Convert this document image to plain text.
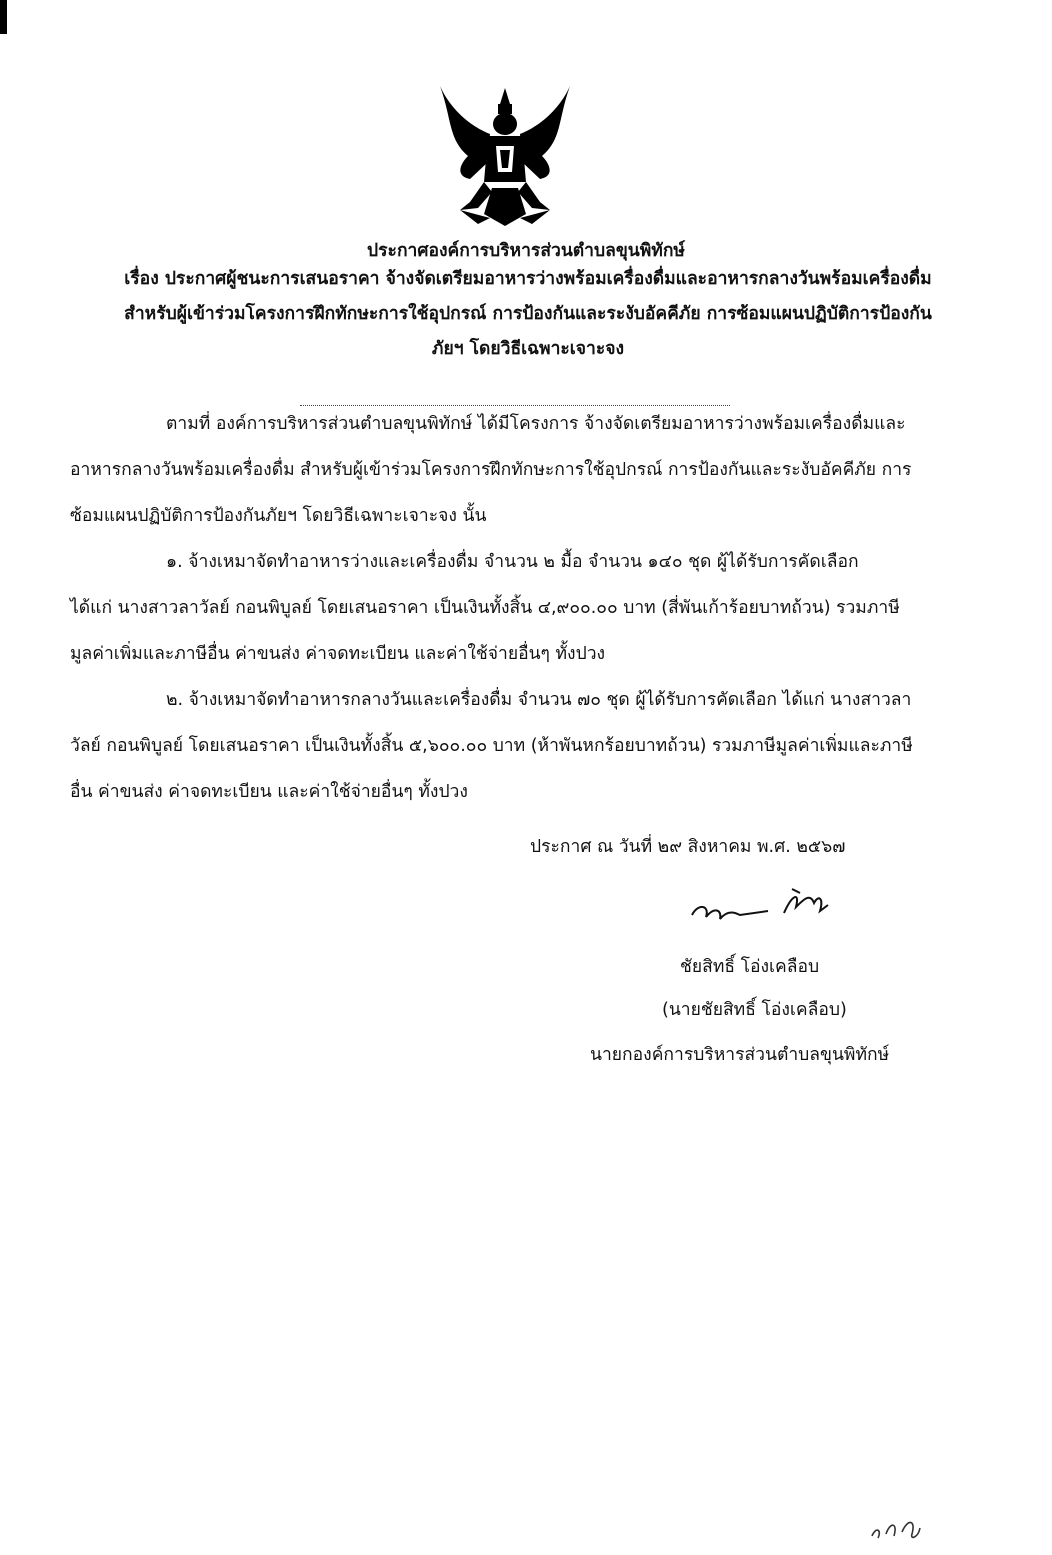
ประกาศองค์การบริหารส่วนตำบลขุนพิทักษ์
เรื่อง ประกาศผู้ชนะการเสนอราคา จ้างจัดเตรียมอาหารว่างพร้อมเครื่องดื่มและอาหารกลางวันพร้อมเครื่องดื่ม
สำหรับผู้เข้าร่วมโครงการฝึกทักษะการใช้อุปกรณ์ การป้องกันและระงับอัคคีภัย การซ้อมแผนปฏิบัติการป้องกัน
ภัยฯ โดยวิธีเฉพาะเจาะจง
ตามที่ องค์การบริหารส่วนตำบลขุนพิทักษ์ ได้มีโครงการ จ้างจัดเตรียมอาหารว่างพร้อมเครื่องดื่มและ
อาหารกลางวันพร้อมเครื่องดื่ม สำหรับผู้เข้าร่วมโครงการฝึกทักษะการใช้อุปกรณ์ การป้องกันและระงับอัคคีภัย การ
ซ้อมแผนปฏิบัติการป้องกันภัยฯ โดยวิธีเฉพาะเจาะจง นั้น
๑. จ้างเหมาจัดทำอาหารว่างและเครื่องดื่ม จำนวน ๒ มื้อ จำนวน ๑๔๐ ชุด ผู้ได้รับการคัดเลือก
ได้แก่ นางสาวลาวัลย์ กอนพิบูลย์ โดยเสนอราคา เป็นเงินทั้งสิ้น ๔,๙๐๐.๐๐ บาท (สี่พันเก้าร้อยบาทถ้วน) รวมภาษี
มูลค่าเพิ่มและภาษีอื่น ค่าขนส่ง ค่าจดทะเบียน และค่าใช้จ่ายอื่นๆ ทั้งปวง
๒. จ้างเหมาจัดทำอาหารกลางวันและเครื่องดื่ม จำนวน ๗๐ ชุด ผู้ได้รับการคัดเลือก ได้แก่ นางสาวลา
วัลย์ กอนพิบูลย์ โดยเสนอราคา เป็นเงินทั้งสิ้น ๕,๖๐๐.๐๐ บาท (ห้าพันหกร้อยบาทถ้วน) รวมภาษีมูลค่าเพิ่มและภาษี
อื่น ค่าขนส่ง ค่าจดทะเบียน และค่าใช้จ่ายอื่นๆ ทั้งปวง
ประกาศ ณ วันที่ ๒๙ สิงหาคม พ.ศ. ๒๕๖๗
ชัยสิทธิ์ โอ่งเคลือบ
(นายชัยสิทธิ์ โอ่งเคลือบ)
นายกองค์การบริหารส่วนตำบลขุนพิทักษ์
